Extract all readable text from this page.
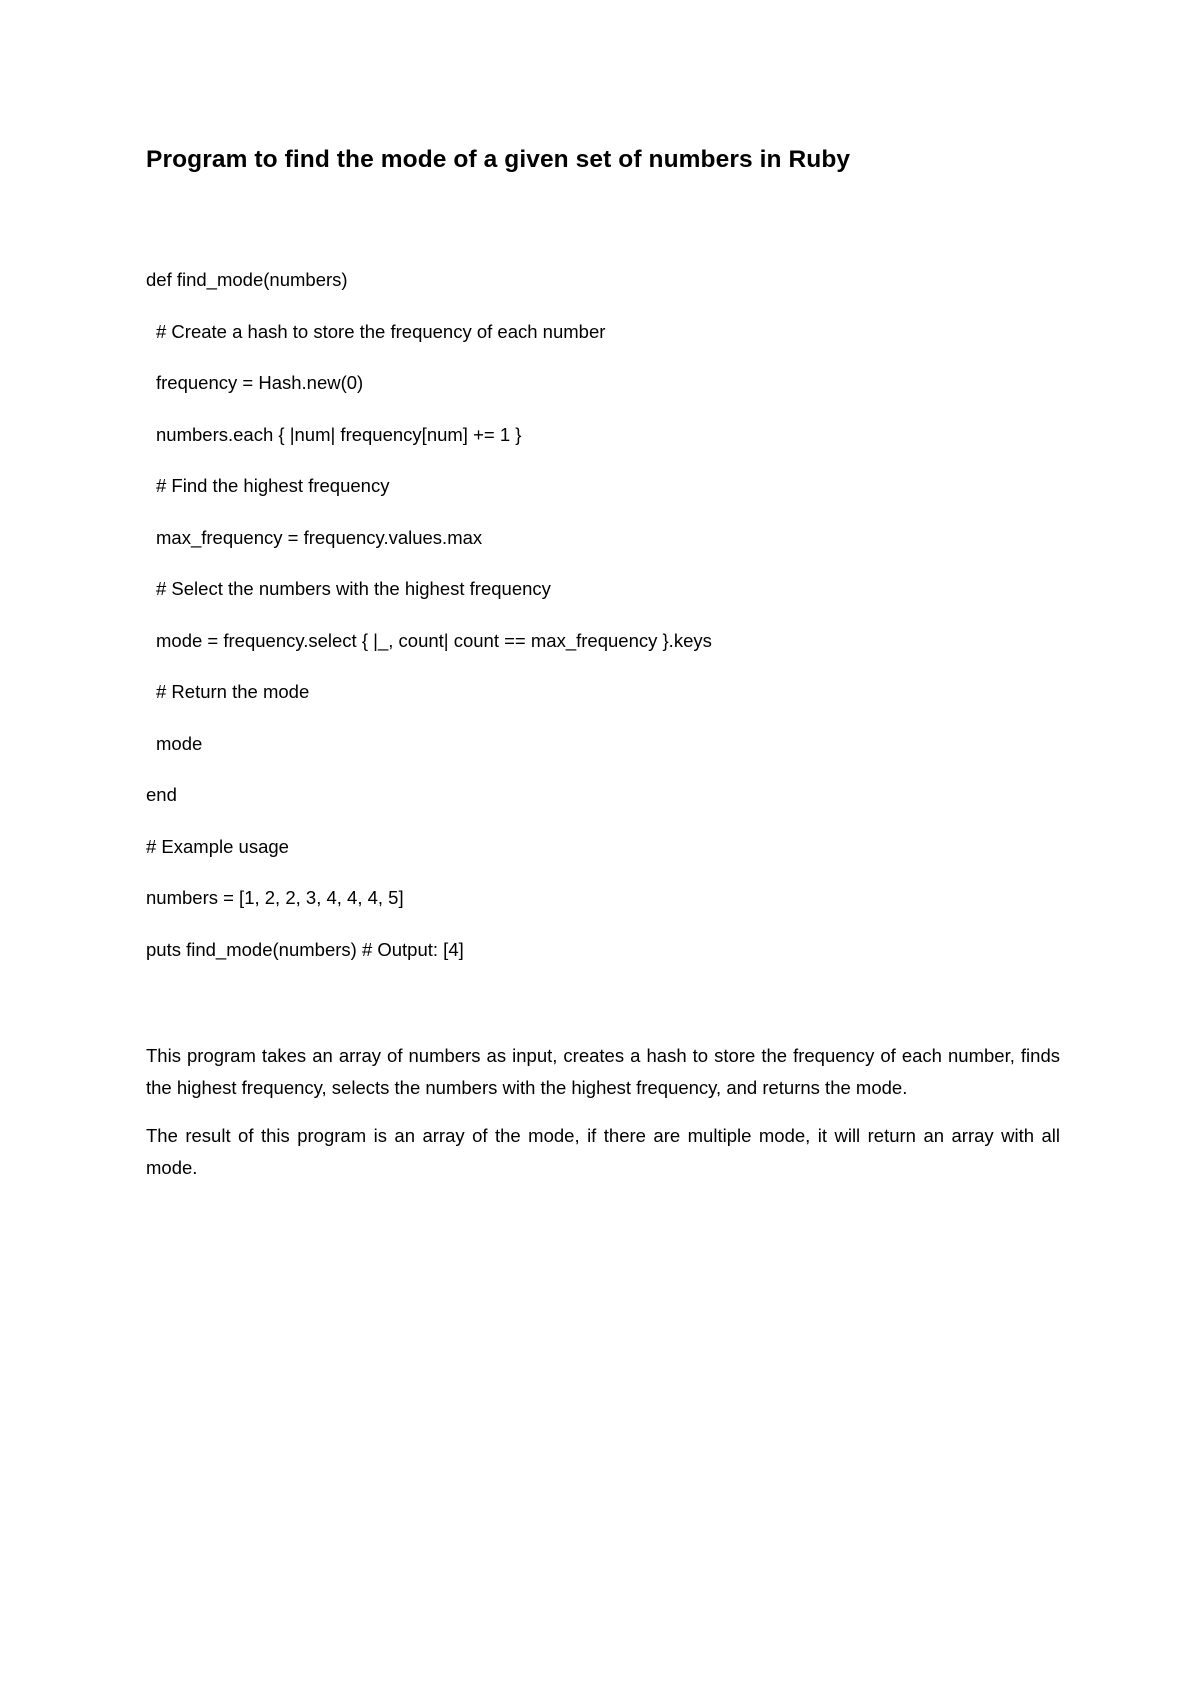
Program to find the mode of a given set of numbers in Ruby
def find_mode(numbers)
# Create a hash to store the frequency of each number
frequency = Hash.new(0)
numbers.each { |num| frequency[num] += 1 }
# Find the highest frequency
max_frequency = frequency.values.max
# Select the numbers with the highest frequency
mode = frequency.select { |_, count| count == max_frequency }.keys
# Return the mode
mode
end
# Example usage
numbers = [1, 2, 2, 3, 4, 4, 4, 5]
puts find_mode(numbers) # Output: [4]

This program takes an array of numbers as input, creates a hash to store the frequency of each number, finds the highest frequency, selects the numbers with the highest frequency, and returns the mode.

The result of this program is an array of the mode, if there are multiple mode, it will return an array with all mode.
